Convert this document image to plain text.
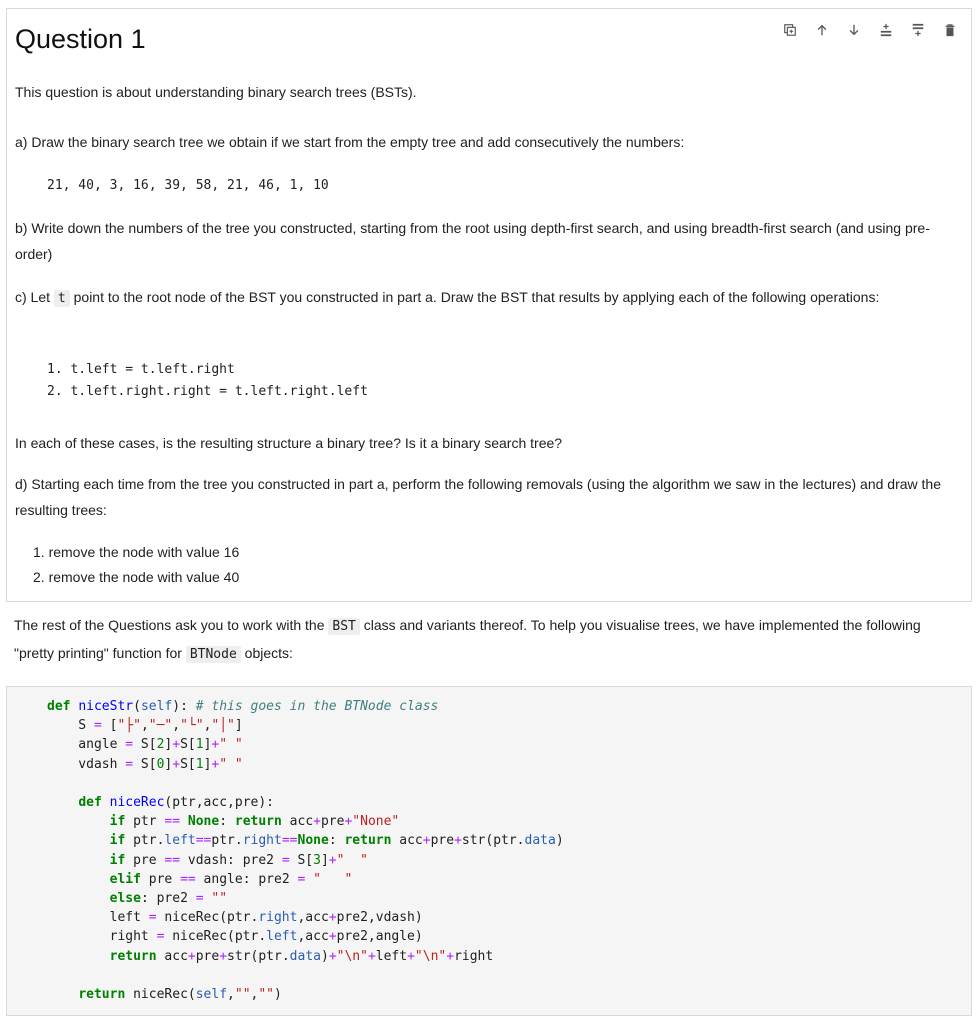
Question 1
This question is about understanding binary search trees (BSTs).
a) Draw the binary search tree we obtain if we start from the empty tree and add consecutively the numbers:
21, 40, 3, 16, 39, 58, 21, 46, 1, 10
b) Write down the numbers of the tree you constructed, starting from the root using depth-first search, and using breadth-first search (and using pre-order)
c) Let t point to the root node of the BST you constructed in part a. Draw the BST that results by applying each of the following operations:
1. t.left = t.left.right
2. t.left.right.right = t.left.right.left
In each of these cases, is the resulting structure a binary tree? Is it a binary search tree?
d) Starting each time from the tree you constructed in part a, perform the following removals (using the algorithm we saw in the lectures) and draw the resulting trees:
1. remove the node with value 16
2. remove the node with value 40
The rest of the Questions ask you to work with the BST class and variants thereof. To help you visualise trees, we have implemented the following "pretty printing" function for BTNode objects:
def niceStr(self): # this goes in the BTNode class
S = ["├","─","└","│"]
angle = S[2]+S[1]+" "
vdash = S[0]+S[1]+" "

def niceRec(ptr,acc,pre):
if ptr == None: return acc+pre+"None"
if ptr.left==ptr.right==None: return acc+pre+str(ptr.data)
if pre == vdash: pre2 = S[3]+"  "
elif pre == angle: pre2 = "   "
else: pre2 = ""
left = niceRec(ptr.right,acc+pre2,vdash)
right = niceRec(ptr.left,acc+pre2,angle)
return acc+pre+str(ptr.data)+"\n"+left+"\n"+right

return niceRec(self,"","")
